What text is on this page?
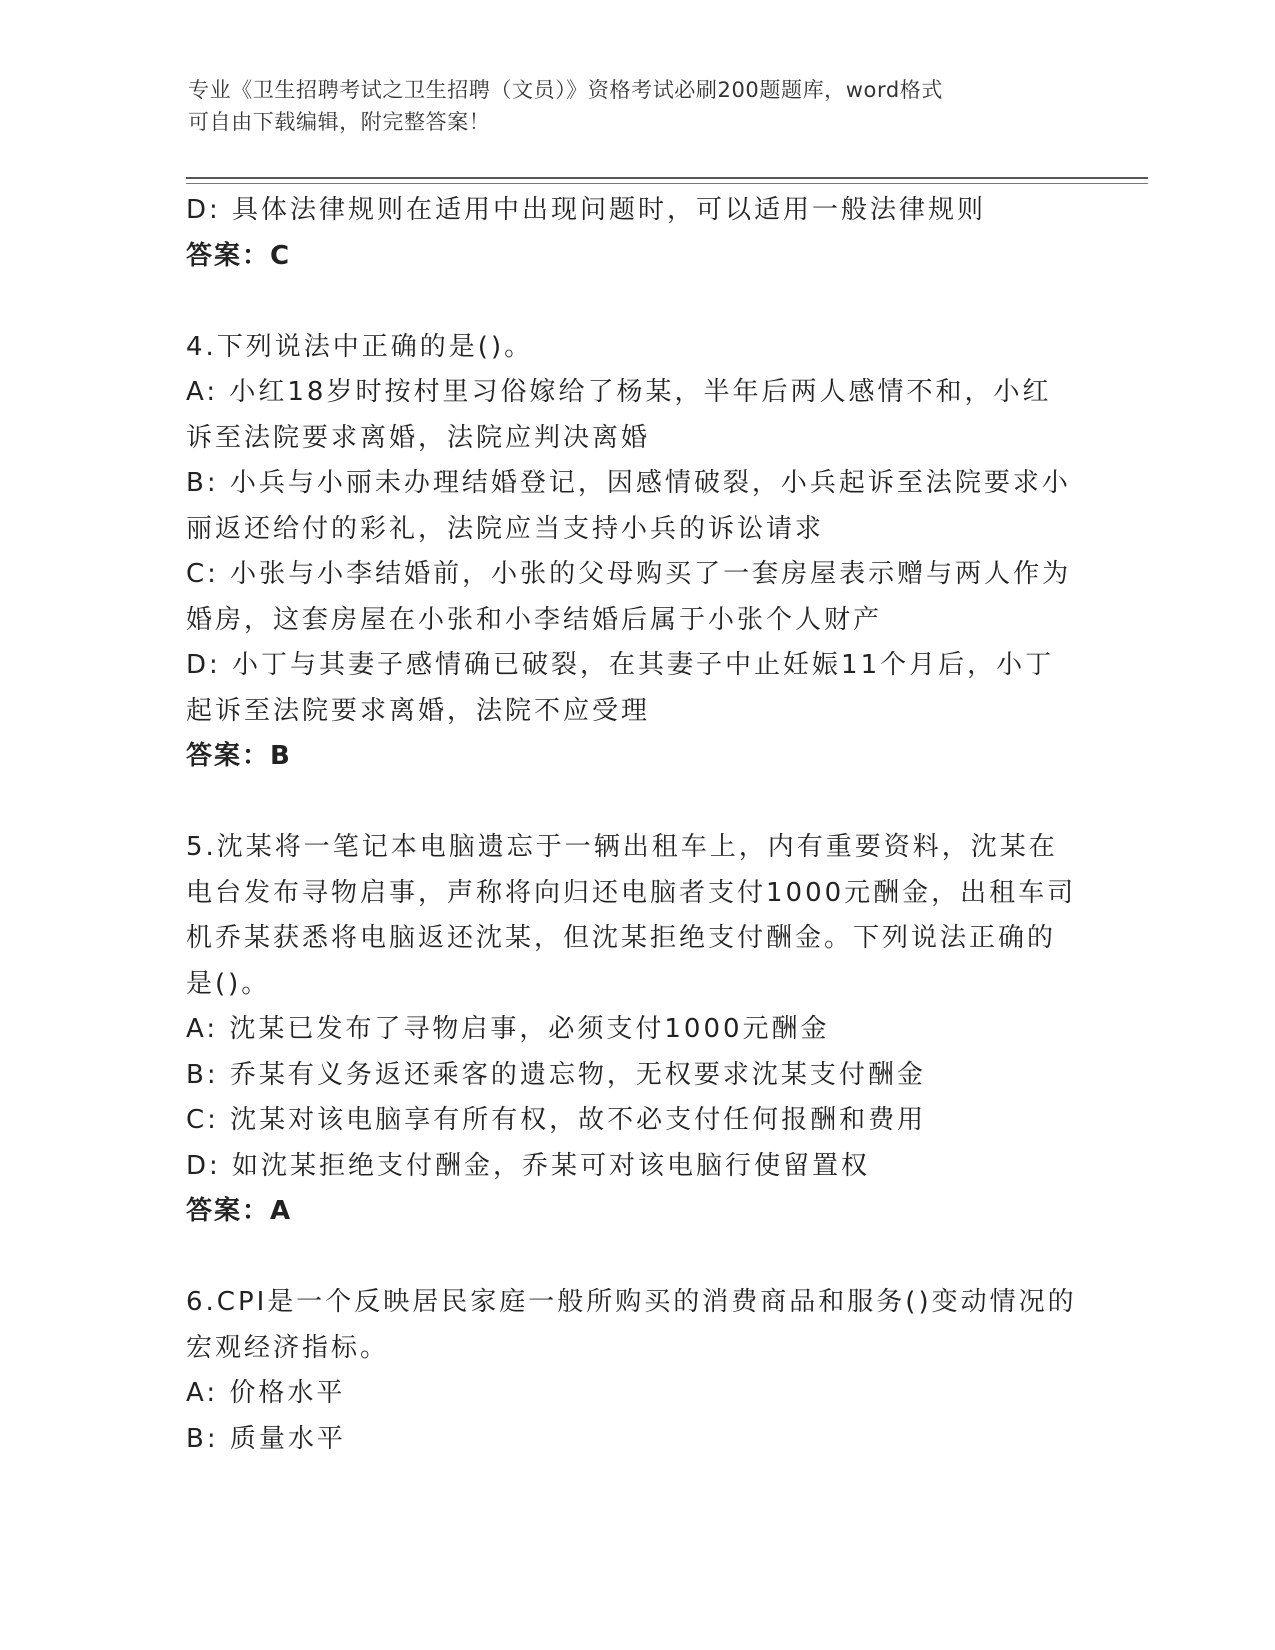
专业《卫生招聘考试之卫生招聘（文员）》资格考试必刷200题题库，word格式
可自由下载编辑，附完整答案！
D: 具体法律规则在适用中出现问题时，可以适用一般法律规则
答案：C
4.下列说法中正确的是()。
A: 小红18岁时按村里习俗嫁给了杨某，半年后两人感情不和，小红
诉至法院要求离婚，法院应判决离婚
B: 小兵与小丽未办理结婚登记，因感情破裂，小兵起诉至法院要求小
丽返还给付的彩礼，法院应当支持小兵的诉讼请求
C: 小张与小李结婚前，小张的父母购买了一套房屋表示赠与两人作为
婚房，这套房屋在小张和小李结婚后属于小张个人财产
D: 小丁与其妻子感情确已破裂，在其妻子中止妊娠11个月后，小丁
起诉至法院要求离婚，法院不应受理
答案：B
5.沈某将一笔记本电脑遗忘于一辆出租车上，内有重要资料，沈某在
电台发布寻物启事，声称将向归还电脑者支付1000元酬金，出租车司
机乔某获悉将电脑返还沈某，但沈某拒绝支付酬金。下列说法正确的
是()。
A: 沈某已发布了寻物启事，必须支付1000元酬金
B: 乔某有义务返还乘客的遗忘物，无权要求沈某支付酬金
C: 沈某对该电脑享有所有权，故不必支付任何报酬和费用
D: 如沈某拒绝支付酬金，乔某可对该电脑行使留置权
答案：A
6.CPI是一个反映居民家庭一般所购买的消费商品和服务()变动情况的
宏观经济指标。
A: 价格水平
B: 质量水平
